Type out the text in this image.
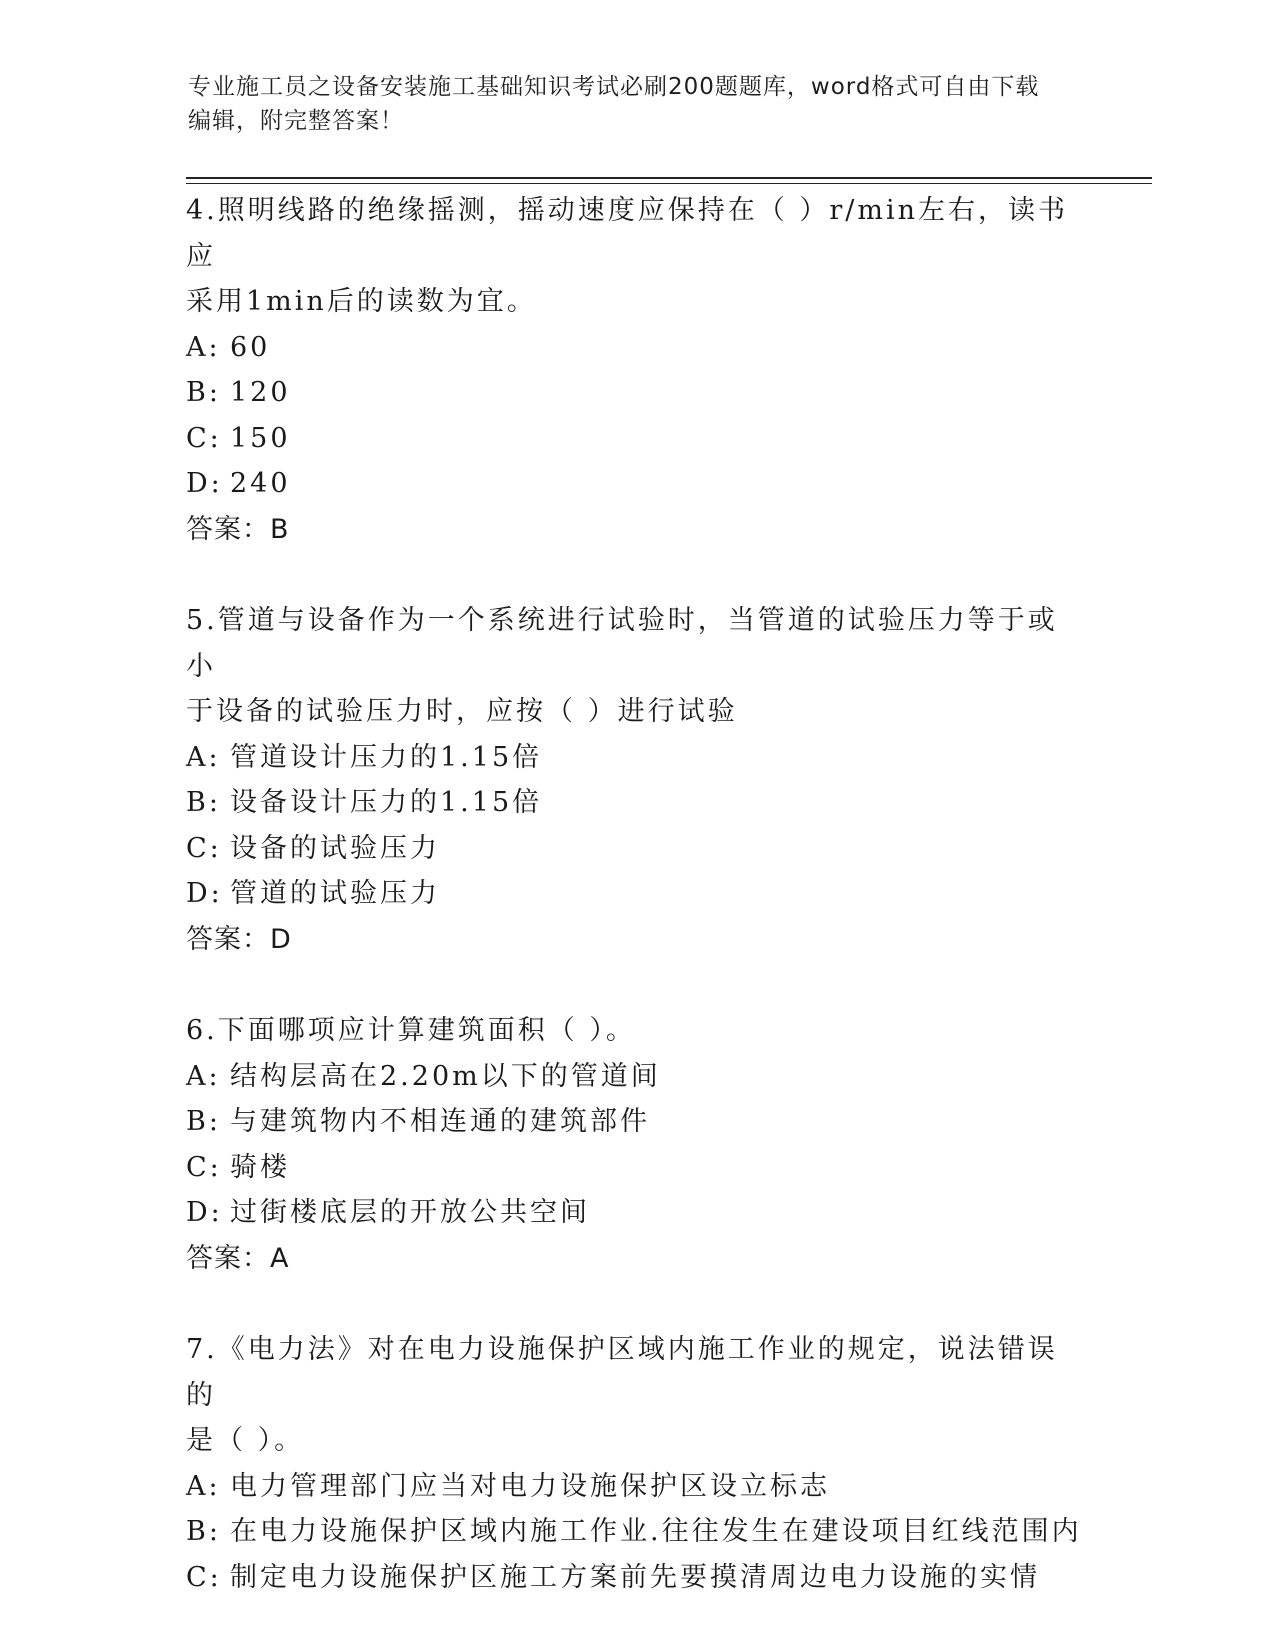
专业施工员之设备安装施工基础知识考试必刷200题题库，word格式可自由下载
编辑，附完整答案！
4.照明线路的绝缘摇测，摇动速度应保持在（ ）r/min左右，读书应
采用1min后的读数为宜。
A: 60
B: 120
C: 150
D: 240
答案：B
5.管道与设备作为一个系统进行试验时，当管道的试验压力等于或小
于设备的试验压力时，应按（ ）进行试验
A: 管道设计压力的1.15倍
B: 设备设计压力的1.15倍
C: 设备的试验压力
D: 管道的试验压力
答案：D
6.下面哪项应计算建筑面积（ ）。
A: 结构层高在2.20m以下的管道间
B: 与建筑物内不相连通的建筑部件
C: 骑楼
D: 过街楼底层的开放公共空间
答案：A
7.《电力法》对在电力设施保护区域内施工作业的规定，说法错误的
是（ ）。
A: 电力管理部门应当对电力设施保护区设立标志
B: 在电力设施保护区域内施工作业.往往发生在建设项目红线范围内
C: 制定电力设施保护区施工方案前先要摸清周边电力设施的实情
